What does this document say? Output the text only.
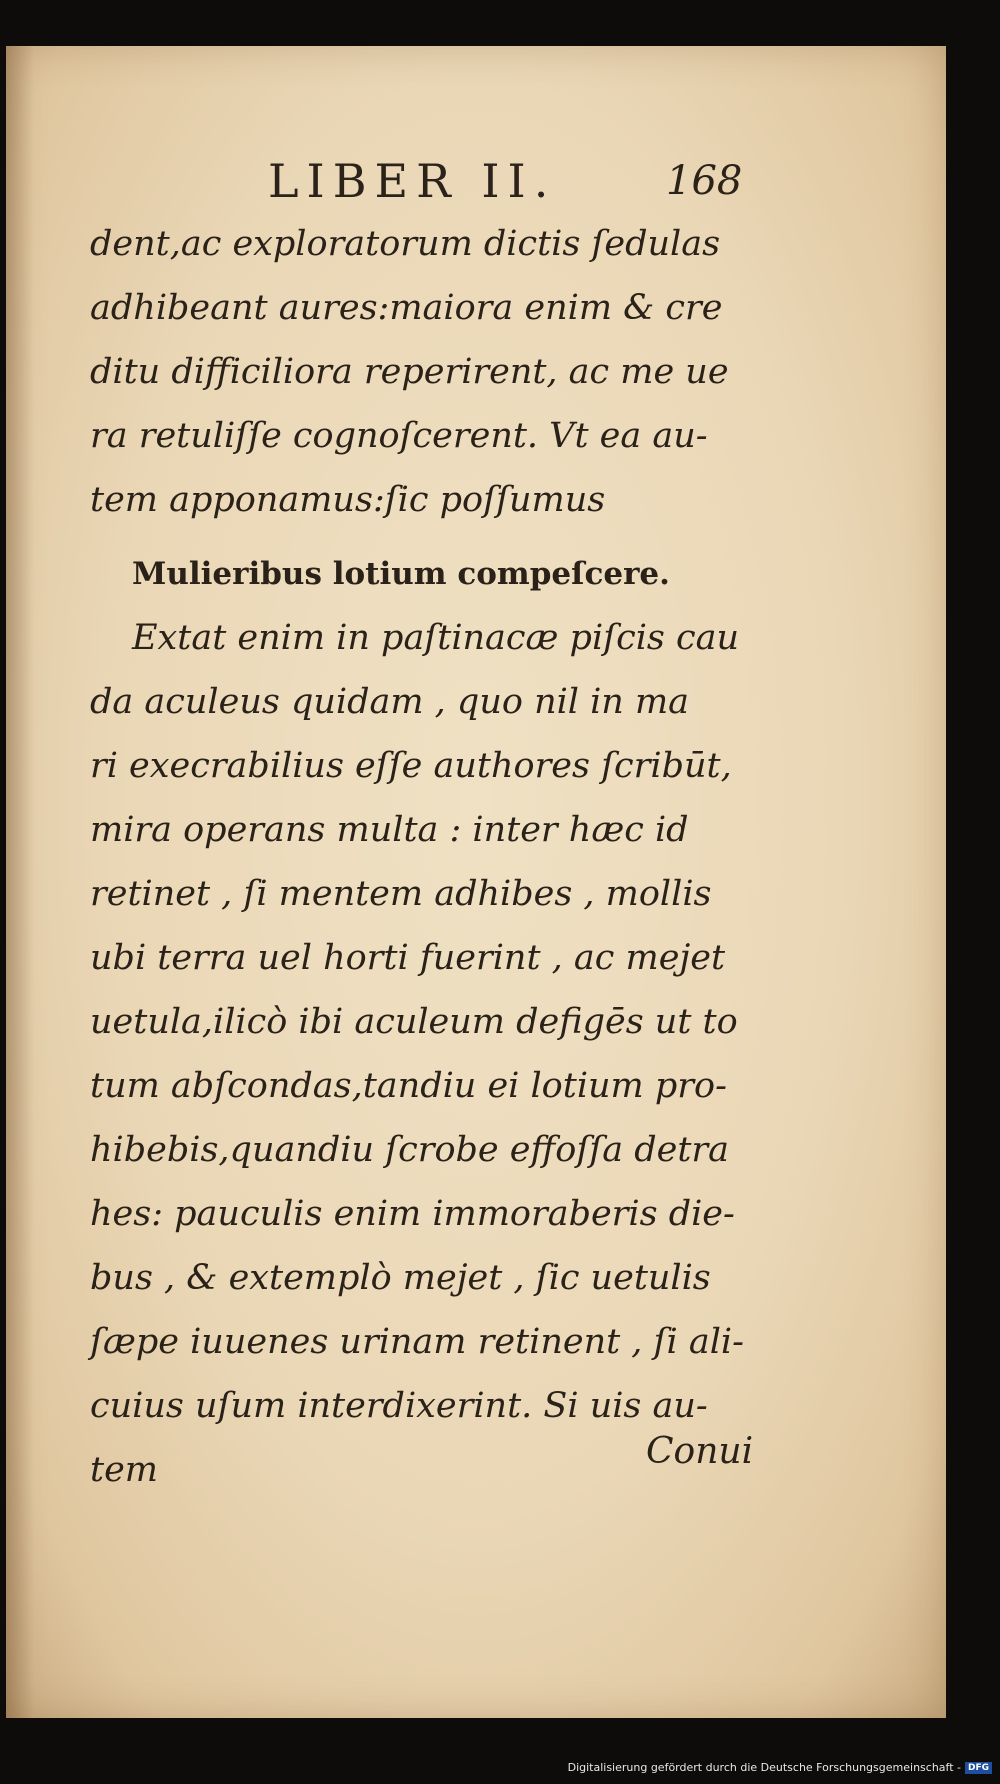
LIBER II.	168
dent,ac exploratorum dictis ſedulas
adhibeant aures:maiora enim & cre
ditu difficiliora reperirent, ac me ue
ra retuliſſe cognoſcerent. Vt ea au-
tem apponamus:ſic poſſumus
Mulieribus lotium compeſcere.
Extat enim in paſtinacæ piſcis cau
da aculeus quidam , quo nil in ma
ri execrabilius eſſe authores ſcribūt,
mira operans multa : inter hæc id
retinet , ſi mentem adhibes , mollis
ubi terra uel horti fuerint , ac mejet
uetula,ilicò ibi aculeum defigēs ut to
tum abſcondas,tandiu ei lotium pro-
hibebis,quandiu ſcrobe effoſſa detra
hes: pauculis enim immoraberis die-
bus , & extemplò mejet , ſic uetulis
ſæpe iuuenes urinam retinent , ſi ali-
cuius uſum interdixerint. Si uis au-
tem	Conui
Digitalisierung gefördert durch die Deutsche Forschungsgemeinschaft - DFG
